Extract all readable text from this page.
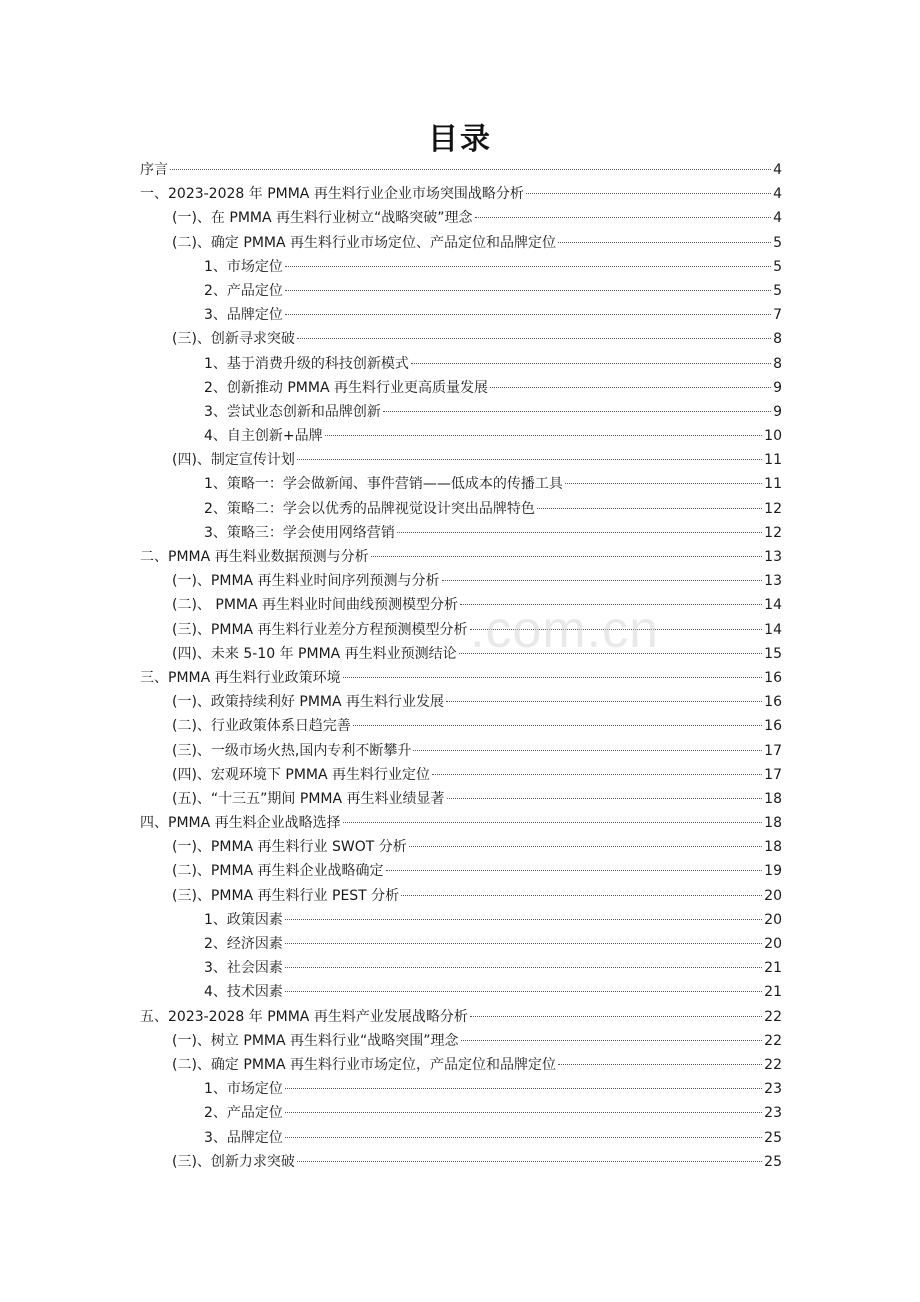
目录
序言	4
一、2023-2028 年 PMMA 再生料行业企业市场突围战略分析	4
(一)、在 PMMA 再生料行业树立“战略突破”理念	4
(二)、确定 PMMA 再生料行业市场定位、产品定位和品牌定位	5
1、市场定位	5
2、产品定位	5
3、品牌定位	7
(三)、创新寻求突破	8
1、基于消费升级的科技创新模式	8
2、创新推动 PMMA 再生料行业更高质量发展	9
3、尝试业态创新和品牌创新	9
4、自主创新+品牌	10
(四)、制定宣传计划	11
1、策略一：学会做新闻、事件营销——低成本的传播工具	11
2、策略二：学会以优秀的品牌视觉设计突出品牌特色	12
3、策略三：学会使用网络营销	12
二、PMMA 再生料业数据预测与分析	13
(一)、PMMA 再生料业时间序列预测与分析	13
(二)、 PMMA 再生料业时间曲线预测模型分析	14
(三)、PMMA 再生料行业差分方程预测模型分析	14
(四)、未来 5-10 年 PMMA 再生料业预测结论	15
三、PMMA 再生料行业政策环境	16
(一)、政策持续利好 PMMA 再生料行业发展	16
(二)、行业政策体系日趋完善	16
(三)、一级市场火热,国内专利不断攀升	17
(四)、宏观环境下 PMMA 再生料行业定位	17
(五)、“十三五”期间 PMMA 再生料业绩显著	18
四、PMMA 再生料企业战略选择	18
(一)、PMMA 再生料行业 SWOT 分析	18
(二)、PMMA 再生料企业战略确定	19
(三)、PMMA 再生料行业 PEST 分析	20
1、政策因素	20
2、经济因素	20
3、社会因素	21
4、技术因素	21
五、2023-2028 年 PMMA 再生料产业发展战略分析	22
(一)、树立 PMMA 再生料行业“战略突围”理念	22
(二)、确定 PMMA 再生料行业市场定位，产品定位和品牌定位	22
1、市场定位	23
2、产品定位	23
3、品牌定位	25
(三)、创新力求突破	25
.com.cn
